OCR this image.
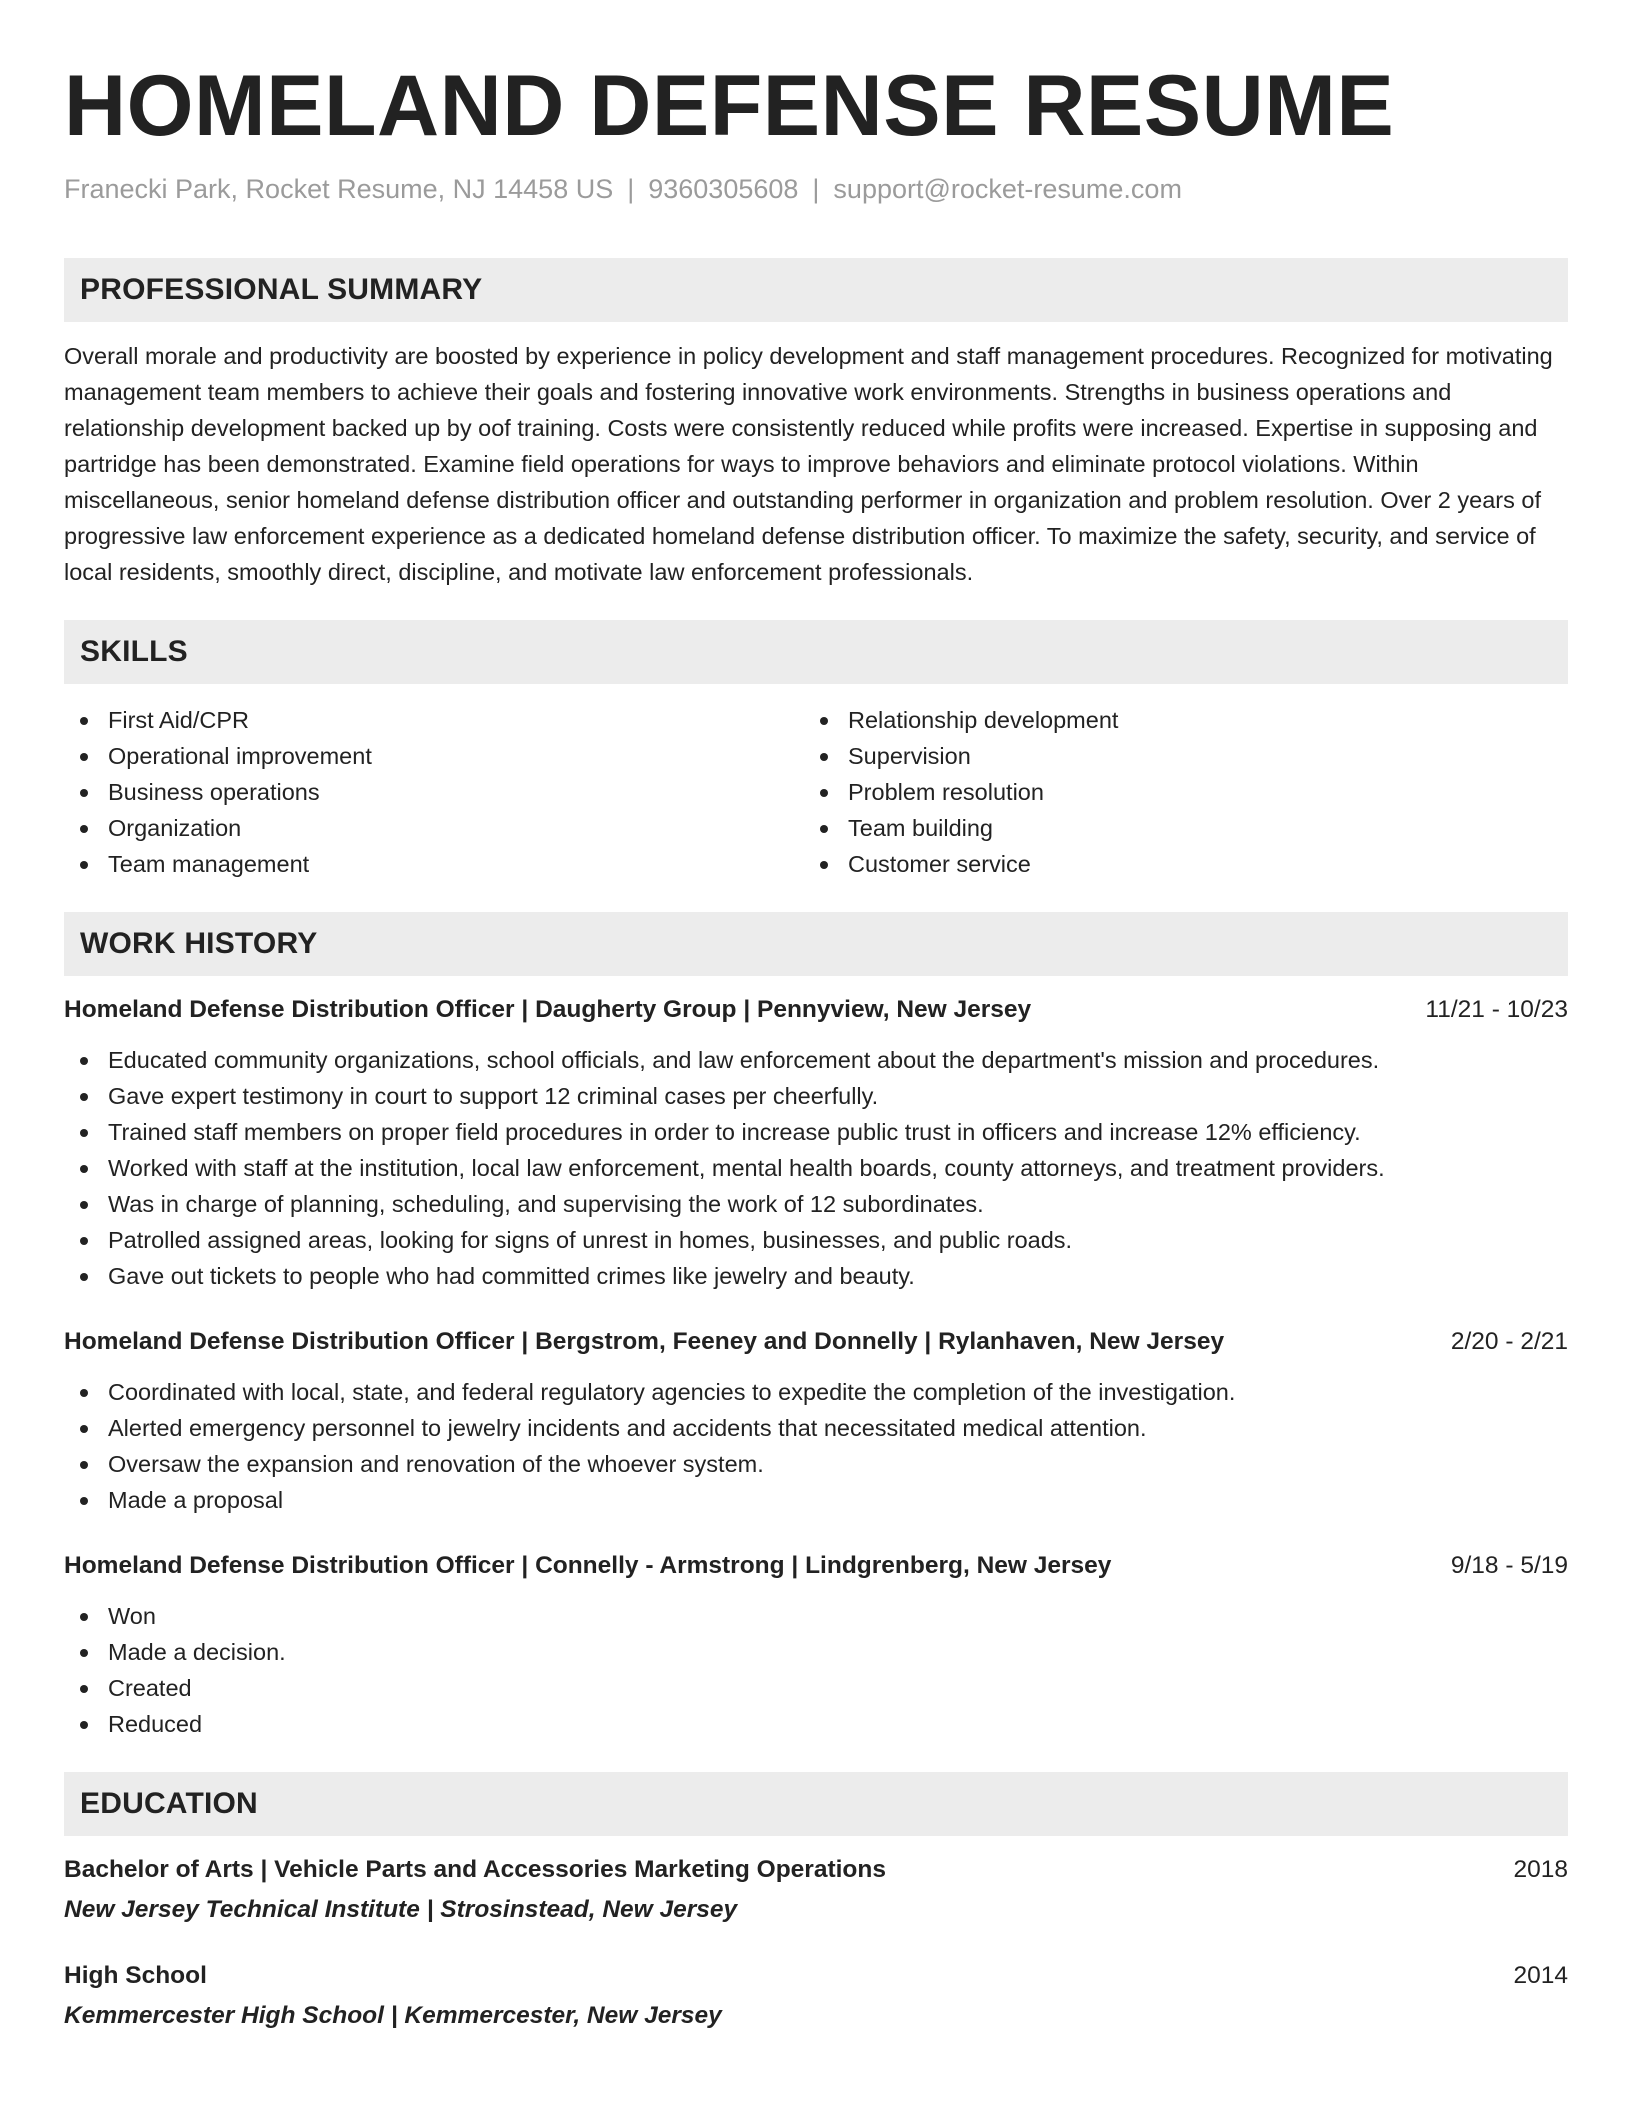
HOMELAND DEFENSE RESUME
Franecki Park, Rocket Resume, NJ 14458 US | 9360305608 | support@rocket-resume.com
PROFESSIONAL SUMMARY
Overall morale and productivity are boosted by experience in policy development and staff management procedures. Recognized for motivating management team members to achieve their goals and fostering innovative work environments. Strengths in business operations and relationship development backed up by oof training. Costs were consistently reduced while profits were increased. Expertise in supposing and partridge has been demonstrated. Examine field operations for ways to improve behaviors and eliminate protocol violations. Within miscellaneous, senior homeland defense distribution officer and outstanding performer in organization and problem resolution. Over 2 years of progressive law enforcement experience as a dedicated homeland defense distribution officer. To maximize the safety, security, and service of local residents, smoothly direct, discipline, and motivate law enforcement professionals.
SKILLS
First Aid/CPR
Operational improvement
Business operations
Organization
Team management
Relationship development
Supervision
Problem resolution
Team building
Customer service
WORK HISTORY
Homeland Defense Distribution Officer | Daugherty Group | Pennyview, New Jersey	11/21 - 10/23
Educated community organizations, school officials, and law enforcement about the department's mission and procedures.
Gave expert testimony in court to support 12 criminal cases per cheerfully.
Trained staff members on proper field procedures in order to increase public trust in officers and increase 12% efficiency.
Worked with staff at the institution, local law enforcement, mental health boards, county attorneys, and treatment providers.
Was in charge of planning, scheduling, and supervising the work of 12 subordinates.
Patrolled assigned areas, looking for signs of unrest in homes, businesses, and public roads.
Gave out tickets to people who had committed crimes like jewelry and beauty.
Homeland Defense Distribution Officer | Bergstrom, Feeney and Donnelly | Rylanhaven, New Jersey	2/20 - 2/21
Coordinated with local, state, and federal regulatory agencies to expedite the completion of the investigation.
Alerted emergency personnel to jewelry incidents and accidents that necessitated medical attention.
Oversaw the expansion and renovation of the whoever system.
Made a proposal
Homeland Defense Distribution Officer | Connelly - Armstrong | Lindgrenberg, New Jersey	9/18 - 5/19
Won
Made a decision.
Created
Reduced
EDUCATION
Bachelor of Arts | Vehicle Parts and Accessories Marketing Operations	2018
New Jersey Technical Institute | Strosinstead, New Jersey
High School	2014
Kemmercester High School | Kemmercester, New Jersey
